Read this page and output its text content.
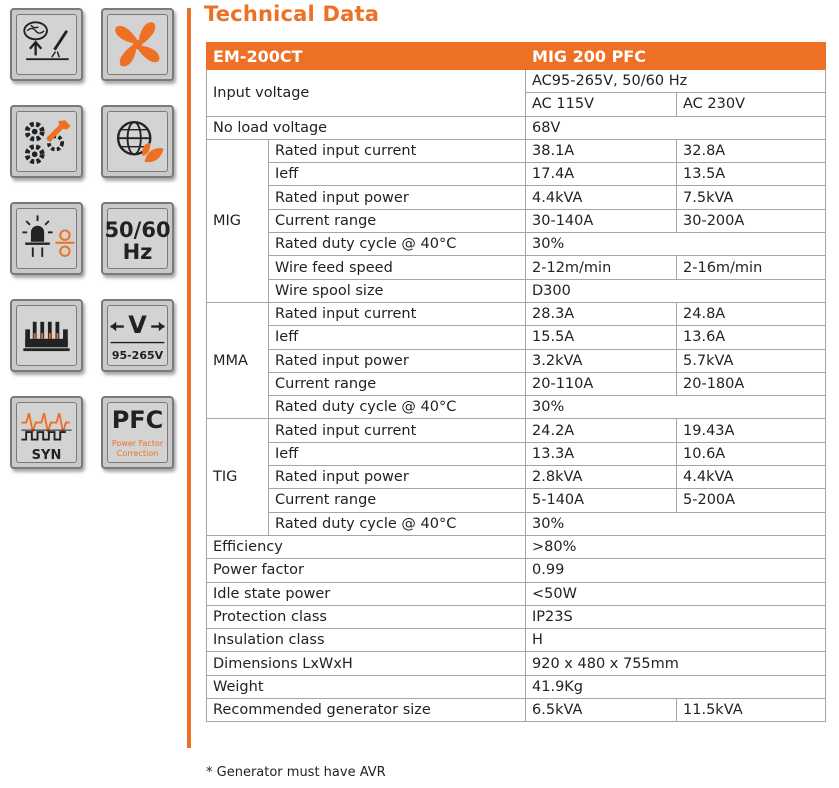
50/60
Hz
V
95-265V
SYN
PFC
Power Factor
Correction
Technical Data
EM-200CT		MIG 200 PFC	
Input voltage		AC95-265V, 50/60 Hz	
		AC 115V	AC 230V
No load voltage		68V	
MIG	Rated input current	38.1A	32.8A
	Ieff	17.4A	13.5A
	Rated input power	4.4kVA	7.5kVA
	Current range	30-140A	30-200A
	Rated duty cycle @ 40°C	30%	
	Wire feed speed	2-12m/min	2-16m/min
	Wire spool size	D300	
MMA	Rated input current	28.3A	24.8A
	Ieff	15.5A	13.6A
	Rated input power	3.2kVA	5.7kVA
	Current range	20-110A	20-180A
	Rated duty cycle @ 40°C	30%	
TIG	Rated input current	24.2A	19.43A
	Ieff	13.3A	10.6A
	Rated input power	2.8kVA	4.4kVA
	Current range	5-140A	5-200A
	Rated duty cycle @ 40°C	30%	
Efficiency		>80%	
Power factor		0.99	
Idle state power		<50W	
Protection class		IP23S	
Insulation class		H	
Dimensions LxWxH		920 x 480 x 755mm	
Weight		41.9Kg	
Recommended generator size		6.5kVA	11.5kVA
* Generator must have AVR
